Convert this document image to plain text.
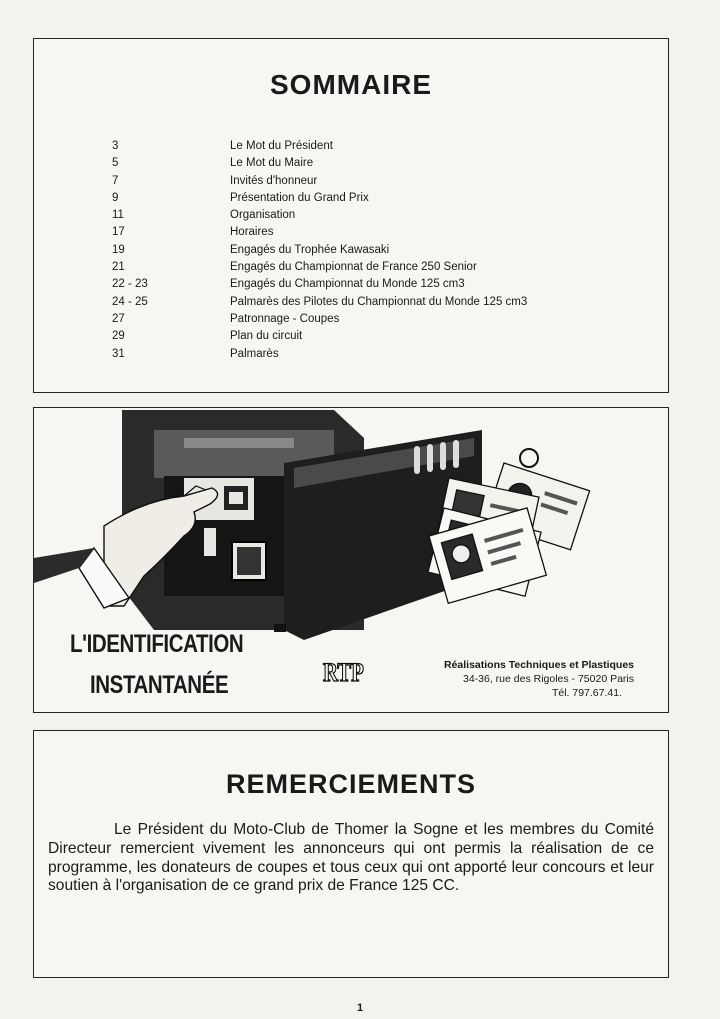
SOMMAIRE
3	Le Mot du Président
5	Le Mot du Maire
7	Invités d'honneur
9	Présentation du Grand Prix
11	Organisation
17	Horaires
19	Engagés du Trophée Kawasaki
21	Engagés du Championnat de France 250 Senior
22 - 23	Engagés du Championnat du Monde 125 cm3
24 - 25	Palmarès des Pilotes du Championnat du Monde 125 cm3
27	Patronnage - Coupes
29	Plan du circuit
31	Palmarès
L'IDENTIFICATION
INSTANTANÉE	RTP	Réalisations Techniques et Plastiques
34-36, rue des Rigoles - 75020 Paris
Tél. 797.67.41.
REMERCIEMENTS
Le Président du Moto-Club de Thomer la Sogne et les membres du Comité Directeur remercient vivement les annonceurs qui ont permis la réalisation de ce programme, les donateurs de coupes et tous ceux qui ont apporté leur concours et leur soutien à l'organisation de ce grand prix de France 125 CC.
1
